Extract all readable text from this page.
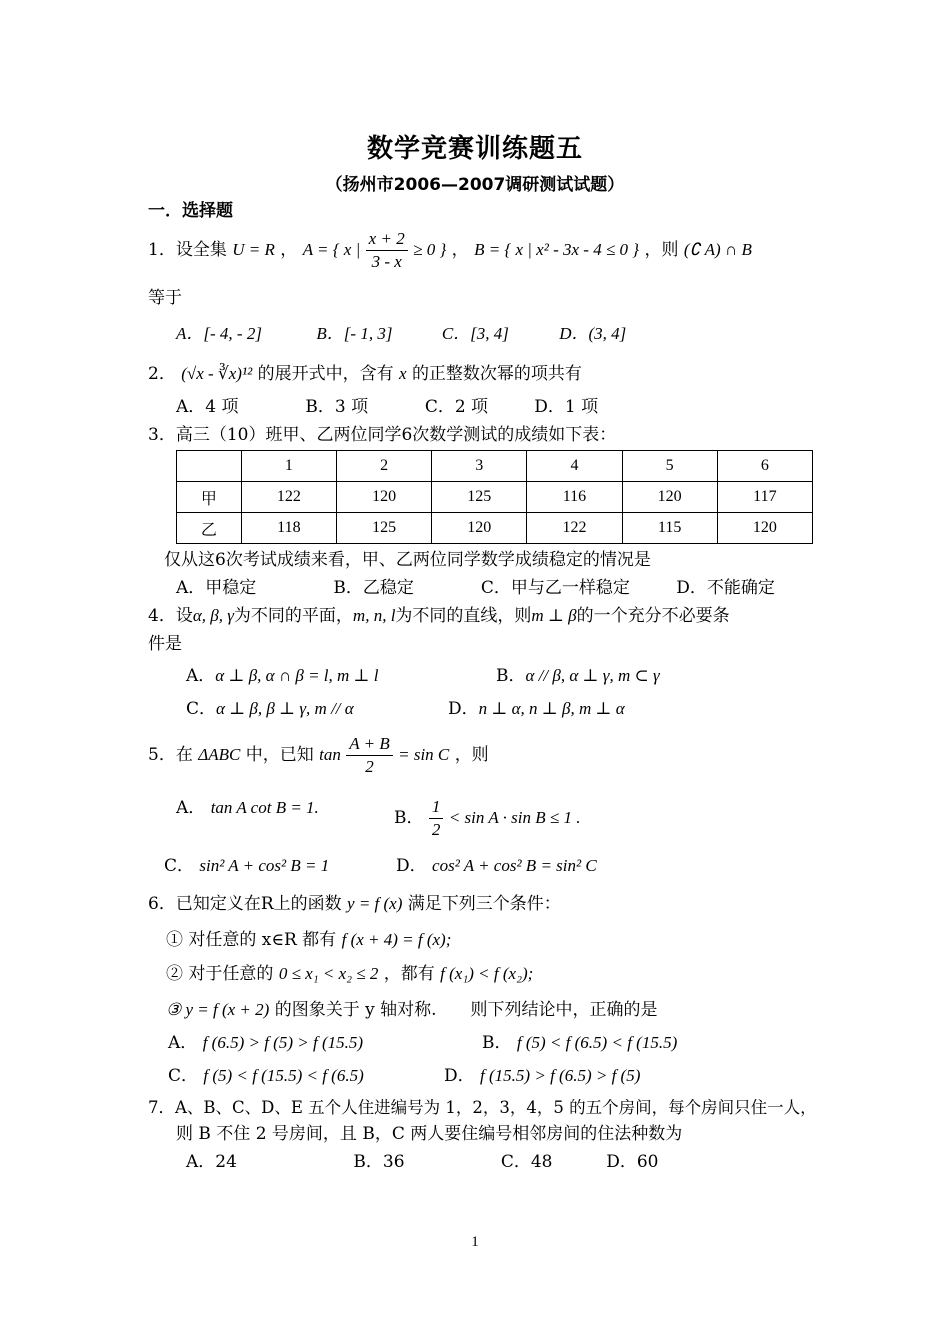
数学竞赛训练题五
（扬州市2006—2007调研测试试题）
一．选择题
1．设全集 U = R ， A = { x | $\frac{x + 2}{3 - x} \ge 0$ } ， B = { x | x² - 3x - 4 ≤ 0 } ，则 (∁ A) ∩ B
等于
A．[- 4, - 2]	B．[- 1, 3]	C．[3, 4]	D．(3, 4]
2． (√x - ∛x)¹² 的展开式中，含有 x 的正整数次幂的项共有
A．4 项	B．3 项	C．2 项	D．1 项
3．高三（10）班甲、乙两位同学6次数学测试的成绩如下表：
	1	2	3	4	5	6
甲	122	120	125	116	120	117
乙	118	125	120	122	115	120
仅从这6次考试成绩来看，甲、乙两位同学数学成绩稳定的情况是
A．甲稳定	B．乙稳定	C．甲与乙一样稳定	D．不能确定
4．设α, β, γ为不同的平面，m, n, l为不同的直线，则m ⊥ β的一个充分不必要条
件是
A．α ⊥ β, α ∩ β = l, m ⊥ l	B．α // β, α ⊥ γ, m ⊂ γ
C．α ⊥ β, β ⊥ γ, m // α	D．n ⊥ α, n ⊥ β, m ⊥ α
5．在 ΔABC 中，已知 $\tan \frac{A + B}{2} = \sin C$ ，则
A． tan A cot B = 1.
B． $\frac{1}{2} < \sin A \cdot \sin B \le 1$ .
C． sin² A + cos² B = 1	D． cos² A + cos² B = sin² C
6．已知定义在R上的函数 y = f (x) 满足下列三个条件：
① 对任意的 x∈R 都有 f (x + 4) = f (x);
② 对于任意的 0 ≤ x₁ < x₂ ≤ 2 ，都有 f (x₁) < f (x₂);
③ y = f (x + 2) 的图象关于 y 轴对称.　　则下列结论中，正确的是
A． f (6.5) > f (5) > f (15.5)	B． f (5) < f (6.5) < f (15.5)
C． f (5) < f (15.5) < f (6.5)	D． f (15.5) > f (6.5) > f (5)
7．A、B、C、D、E 五个人住进编号为 1，2，3，4，5 的五个房间，每个房间只住一人，
则 B 不住 2 号房间，且 B，C 两人要住编号相邻房间的住法种数为
A．24	B．36	C．48	D．60
1
